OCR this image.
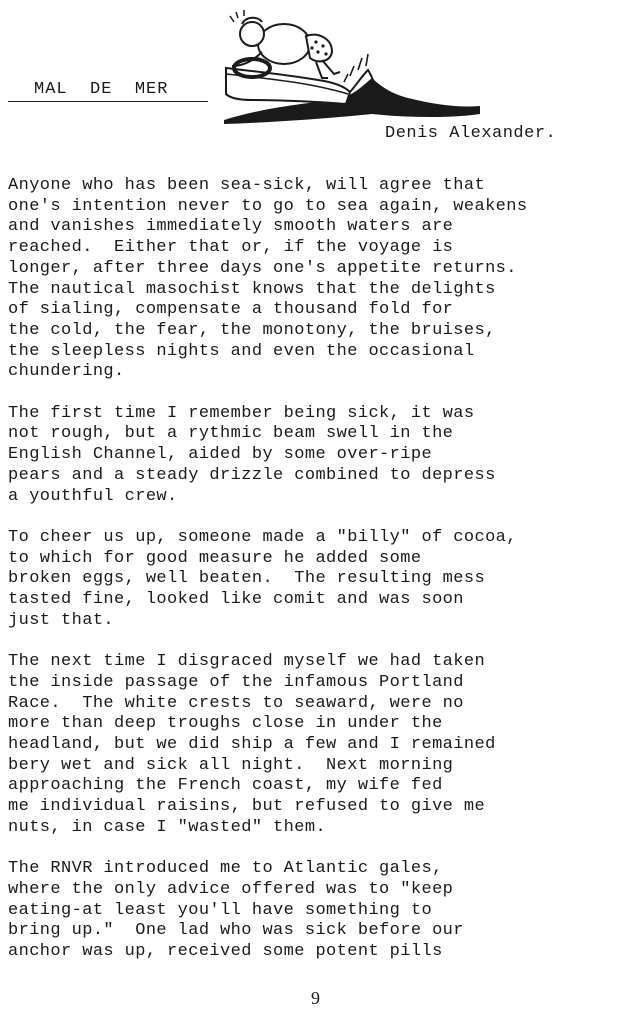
MAL  DE  MER
Denis Alexander.

Anyone who has been sea-sick, will agree that
one's intention never to go to sea again, weakens
and vanishes immediately smooth waters are
reached.  Either that or, if the voyage is
longer, after three days one's appetite returns.
The nautical masochist knows that the delights
of sialing, compensate a thousand fold for
the cold, the fear, the monotony, the bruises,
the sleepless nights and even the occasional
chundering.

The first time I remember being sick, it was
not rough, but a rythmic beam swell in the
English Channel, aided by some over-ripe
pears and a steady drizzle combined to depress
a youthful crew.

To cheer us up, someone made a "billy" of cocoa,
to which for good measure he added some
broken eggs, well beaten.  The resulting mess
tasted fine, looked like comit and was soon
just that.

The next time I disgraced myself we had taken
the inside passage of the infamous Portland
Race.  The white crests to seaward, were no
more than deep troughs close in under the
headland, but we did ship a few and I remained
bery wet and sick all night.  Next morning
approaching the French coast, my wife fed
me individual raisins, but refused to give me
nuts, in case I "wasted" them.

The RNVR introduced me to Atlantic gales,
where the only advice offered was to "keep
eating-at least you'll have something to
bring up."  One lad who was sick before our
anchor was up, received some potent pills

9
